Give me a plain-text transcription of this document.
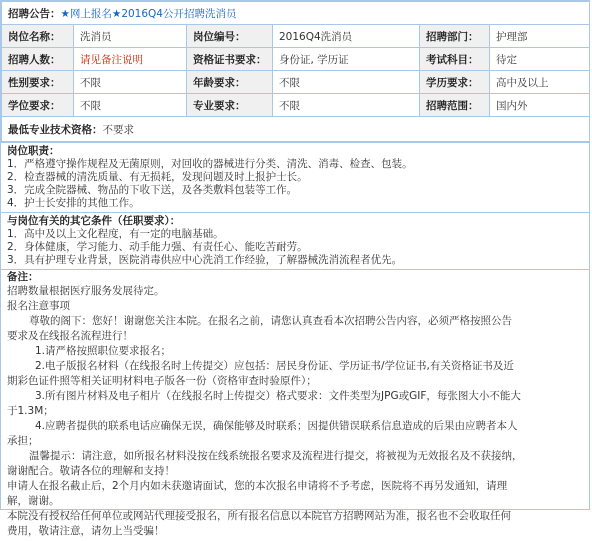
招聘公告：★网上报名★2016Q4公开招聘洗消员					
岗位名称：	洗消员	岗位编号：	2016Q4洗消员	招聘部门：	护理部
招聘人数：	请见备注说明	资格证书要求：	身份证, 学历证	考试科目：	待定
性别要求：	不限	年龄要求：	不限	学历要求：	高中及以上
学位要求：	不限	专业要求：	不限	招聘范围：	国内外
最低专业技术资格：不要求					
岗位职责：
1．严格遵守操作规程及无菌原则，对回收的器械进行分类、清洗、消毒、检查、包装。
2．检查器械的清洗质量、有无损耗，发现问题及时上报护士长。
3．完成全院器械、物品的下收下送，及各类敷料包装等工作。
4．护士长安排的其他工作。
与岗位有关的其它条件（任职要求）：
1．高中及以上文化程度，有一定的电脑基础。
2．身体健康，学习能力、动手能力强、有责任心、能吃苦耐劳。
3．具有护理专业背景，医院消毒供应中心洗消工作经验，了解器械洗消流程者优先。
备注：
招聘数量根据医疗服务发展待定。
报名注意事项
尊敬的阁下：您好！谢谢您关注本院。在报名之前，请您认真查看本次招聘公告内容，必须严格按照公告
要求及在线报名流程进行！
1.请严格按照职位要求报名；
2.电子版报名材料（在线报名时上传提交）应包括：居民身份证、学历证书/学位证书,有关资格证书及近
期彩色证件照等相关证明材料电子版各一份（资格审查时验原件）；
3.所有图片材料及电子相片（在线报名时上传提交）格式要求：文件类型为JPG或GIF，每张图大小不能大
于1.3M；
4.应聘者提供的联系电话应确保无误，确保能够及时联系；因提供错误联系信息造成的后果由应聘者本人
承担；
温馨提示：请注意，如所报名材料没按在线系统报名要求及流程进行提交，将被视为无效报名及不获接纳，
谢谢配合。敬请各位的理解和支持！
申请人在报名截止后，2个月内如未获邀请面试，您的本次报名申请将不予考虑，医院将不再另发通知，请理
解，谢谢。
本院没有授权给任何单位或网站代理接受报名，所有报名信息以本院官方招聘网站为准，报名也不会收取任何
费用，敬请注意，请勿上当受骗！
